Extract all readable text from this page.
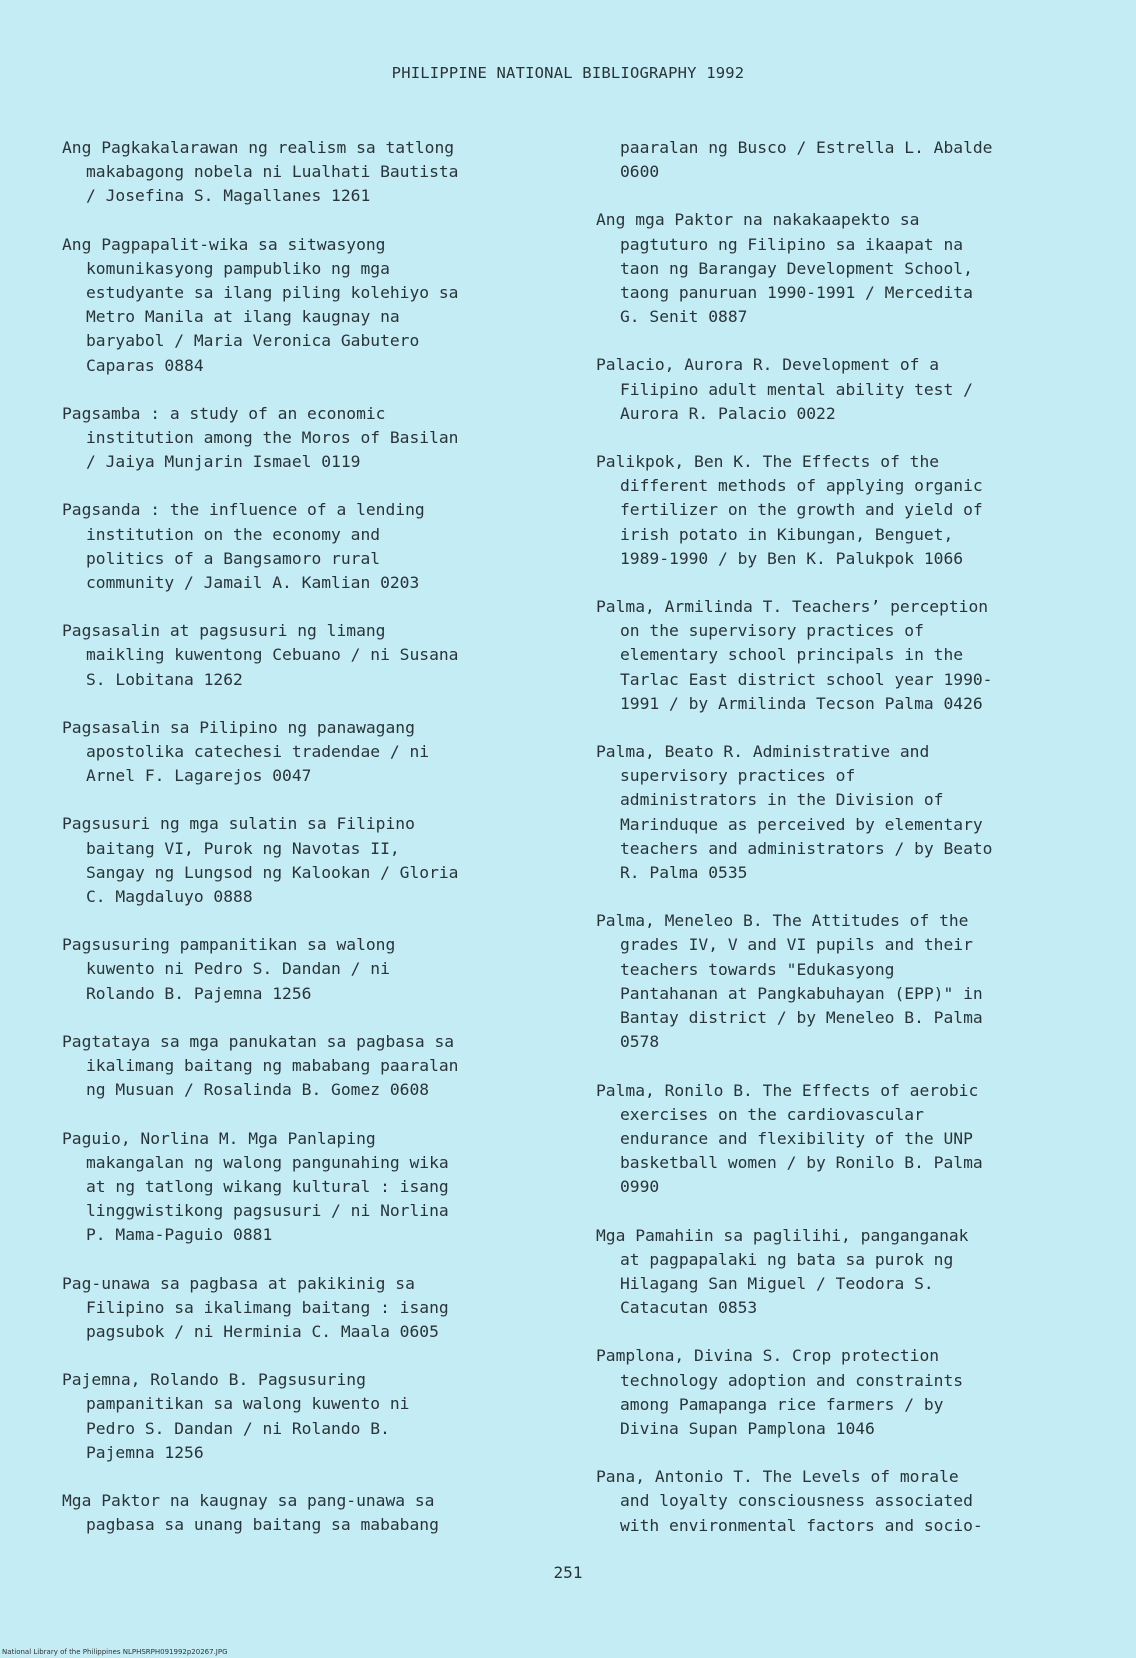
PHILIPPINE NATIONAL BIBLIOGRAPHY 1992

Ang Pagkakalarawan ng realism sa tatlong
makabagong nobela ni Lualhati Bautista
/ Josefina S. Magallanes 1261

Ang Pagpapalit-wika sa sitwasyong
komunikasyong pampubliko ng mga
estudyante sa ilang piling kolehiyo sa
Metro Manila at ilang kaugnay na
baryabol / Maria Veronica Gabutero
Caparas 0884

Pagsamba : a study of an economic
institution among the Moros of Basilan
/ Jaiya Munjarin Ismael 0119

Pagsanda : the influence of a lending
institution on the economy and
politics of a Bangsamoro rural
community / Jamail A. Kamlian 0203

Pagsasalin at pagsusuri ng limang
maikling kuwentong Cebuano / ni Susana
S. Lobitana 1262

Pagsasalin sa Pilipino ng panawagang
apostolika catechesi tradendae / ni
Arnel F. Lagarejos 0047

Pagsusuri ng mga sulatin sa Filipino
baitang VI, Purok ng Navotas II,
Sangay ng Lungsod ng Kalookan / Gloria
C. Magdaluyo 0888

Pagsusuring pampanitikan sa walong
kuwento ni Pedro S. Dandan / ni
Rolando B. Pajemna 1256

Pagtataya sa mga panukatan sa pagbasa sa
ikalimang baitang ng mababang paaralan
ng Musuan / Rosalinda B. Gomez 0608

Paguio, Norlina M. Mga Panlaping
makangalan ng walong pangunahing wika
at ng tatlong wikang kultural : isang
linggwistikong pagsusuri / ni Norlina
P. Mama-Paguio 0881

Pag-unawa sa pagbasa at pakikinig sa
Filipino sa ikalimang baitang : isang
pagsubok / ni Herminia C. Maala 0605

Pajemna, Rolando B. Pagsusuring
pampanitikan sa walong kuwento ni
Pedro S. Dandan / ni Rolando B.
Pajemna 1256

Mga Paktor na kaugnay sa pang-unawa sa
pagbasa sa unang baitang sa mababang

paaralan ng Busco / Estrella L. Abalde
0600

Ang mga Paktor na nakakaapekto sa
pagtuturo ng Filipino sa ikaapat na
taon ng Barangay Development School,
taong panuruan 1990-1991 / Mercedita
G. Senit 0887

Palacio, Aurora R. Development of a
Filipino adult mental ability test /
Aurora R. Palacio 0022

Palikpok, Ben K. The Effects of the
different methods of applying organic
fertilizer on the growth and yield of
irish potato in Kibungan, Benguet,
1989-1990 / by Ben K. Palukpok 1066

Palma, Armilinda T. Teachers’ perception
on the supervisory practices of
elementary school principals in the
Tarlac East district school year 1990-
1991 / by Armilinda Tecson Palma 0426

Palma, Beato R. Administrative and
supervisory practices of
administrators in the Division of
Marinduque as perceived by elementary
teachers and administrators / by Beato
R. Palma 0535

Palma, Meneleo B. The Attitudes of the
grades IV, V and VI pupils and their
teachers towards "Edukasyong
Pantahanan at Pangkabuhayan (EPP)" in
Bantay district / by Meneleo B. Palma
0578

Palma, Ronilo B. The Effects of aerobic
exercises on the cardiovascular
endurance and flexibility of the UNP
basketball women / by Ronilo B. Palma
0990

Mga Pamahiin sa paglilihi, panganganak
at pagpapalaki ng bata sa purok ng
Hilagang San Miguel / Teodora S.
Catacutan 0853

Pamplona, Divina S. Crop protection
technology adoption and constraints
among Pamapanga rice farmers / by
Divina Supan Pamplona 1046

Pana, Antonio T. The Levels of morale
and loyalty consciousness associated
with environmental factors and socio-

251
National Library of the Philippines NLPHSRPH091992p20267.JPG
